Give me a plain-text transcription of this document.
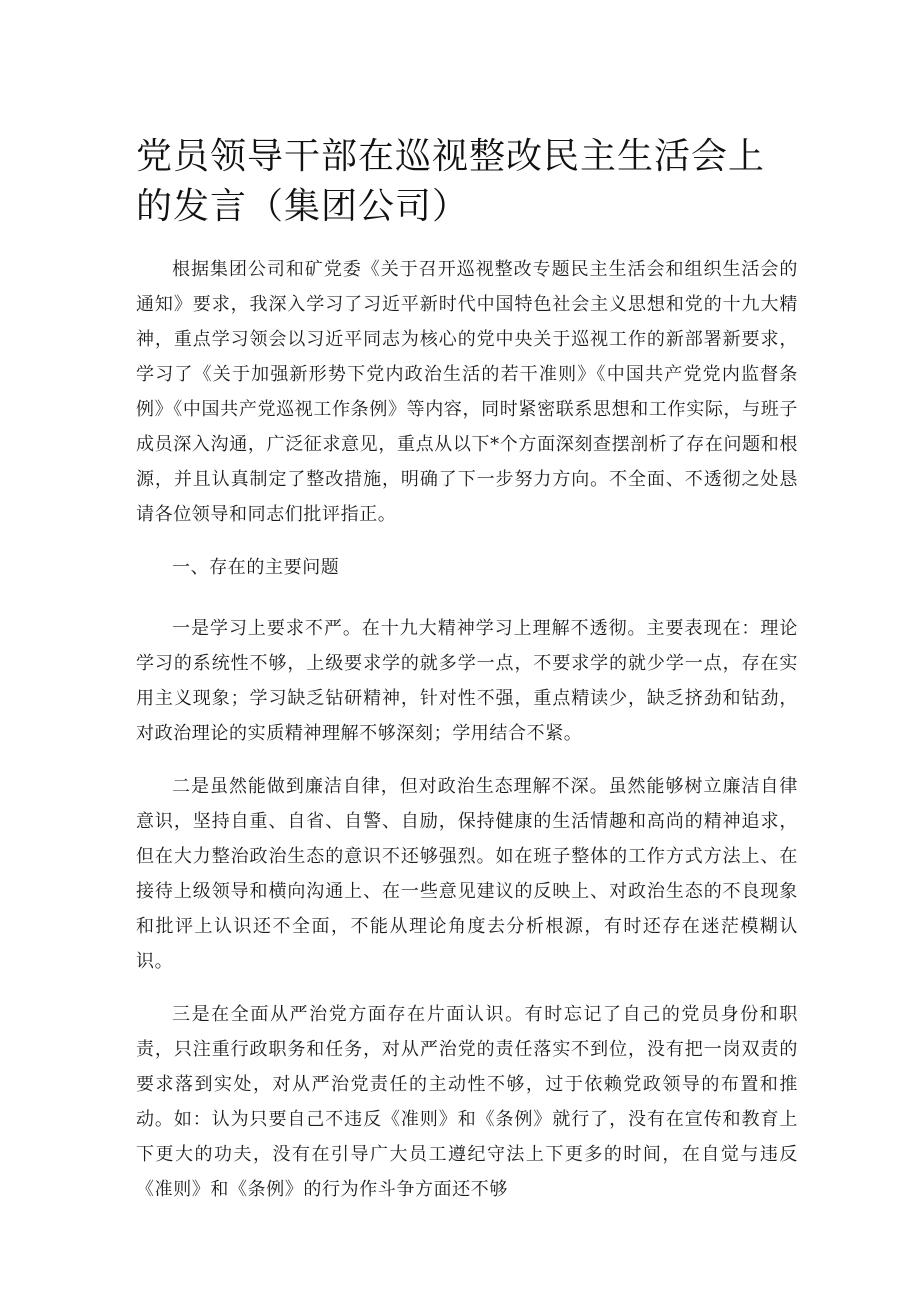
党员领导干部在巡视整改民主生活会上的发言（集团公司）

根据集团公司和矿党委《关于召开巡视整改专题民主生活会和组织生活会的通知》要求，我深入学习了习近平新时代中国特色社会主义思想和党的十九大精神，重点学习领会以习近平同志为核心的党中央关于巡视工作的新部署新要求，学习了《关于加强新形势下党内政治生活的若干准则》《中国共产党党内监督条例》《中国共产党巡视工作条例》等内容，同时紧密联系思想和工作实际，与班子成员深入沟通，广泛征求意见，重点从以下*个方面深刻查摆剖析了存在问题和根源，并且认真制定了整改措施，明确了下一步努力方向。不全面、不透彻之处恳请各位领导和同志们批评指正。

一、存在的主要问题

一是学习上要求不严。在十九大精神学习上理解不透彻。主要表现在：理论学习的系统性不够，上级要求学的就多学一点，不要求学的就少学一点，存在实用主义现象；学习缺乏钻研精神，针对性不强，重点精读少，缺乏挤劲和钻劲，对政治理论的实质精神理解不够深刻；学用结合不紧。

二是虽然能做到廉洁自律，但对政治生态理解不深。虽然能够树立廉洁自律意识，坚持自重、自省、自警、自励，保持健康的生活情趣和高尚的精神追求，但在大力整治政治生态的意识不还够强烈。如在班子整体的工作方式方法上、在接待上级领导和横向沟通上、在一些意见建议的反映上、对政治生态的不良现象和批评上认识还不全面，不能从理论角度去分析根源，有时还存在迷茫模糊认识。

三是在全面从严治党方面存在片面认识。有时忘记了自己的党员身份和职责，只注重行政职务和任务，对从严治党的责任落实不到位，没有把一岗双责的要求落到实处，对从严治党责任的主动性不够，过于依赖党政领导的布置和推动。如：认为只要自己不违反《准则》和《条例》就行了，没有在宣传和教育上下更大的功夫，没有在引导广大员工遵纪守法上下更多的时间，在自觉与违反《准则》和《条例》的行为作斗争方面还不够
